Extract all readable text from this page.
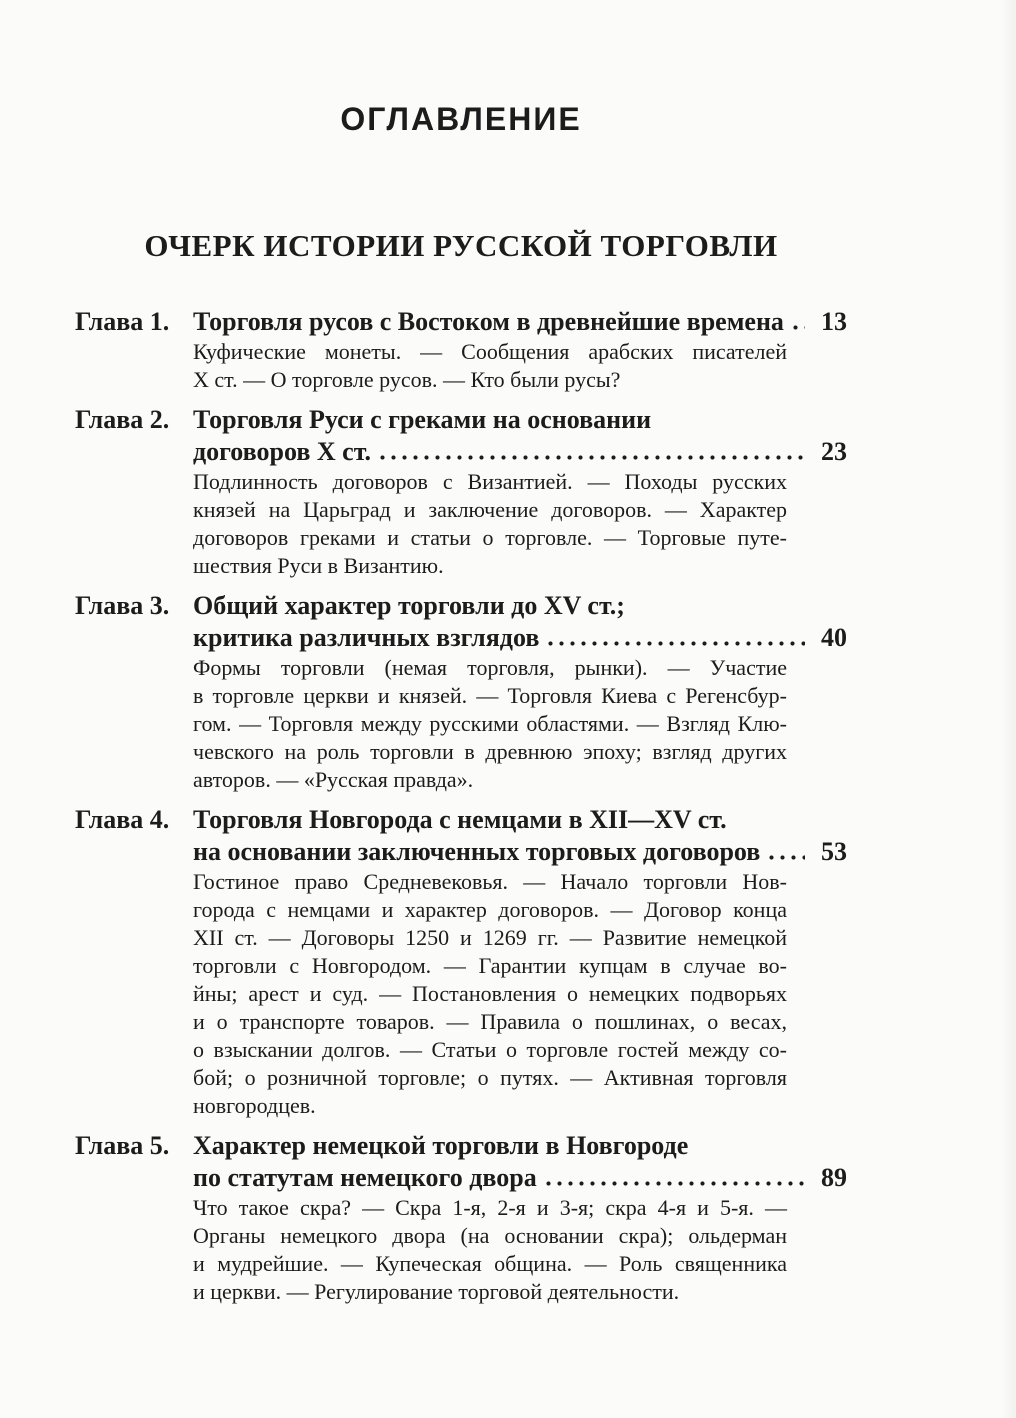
ОГЛАВЛЕНИЕ
ОЧЕРК ИСТОРИИ РУССКОЙ ТОРГОВЛИ
Глава 1. Торговля русов с Востоком в древнейшие времена	13
Куфические монеты. — Сообщения арабских писателей
Х ст. — О торговле русов. — Кто были русы?
Глава 2. Торговля Руси с греками на основании
договоров Х ст.	23
Подлинность договоров с Византией. — Походы русских
князей на Царьград и заключение договоров. — Характер
договоров греками и статьи о торговле. — Торговые путе-
шествия Руси в Византию.
Глава 3. Общий характер торговли до XV ст.;
критика различных взглядов	40
Формы торговли (немая торговля, рынки). — Участие
в торговле церкви и князей. — Торговля Киева с Регенсбур-
гом. — Торговля между русскими областями. — Взгляд Клю-
чевского на роль торговли в древнюю эпоху; взгляд других
авторов. — «Русская правда».
Глава 4. Торговля Новгорода с немцами в XII—XV ст.
на основании заключенных торговых договоров	53
Гостиное право Средневековья. — Начало торговли Нов-
города с немцами и характер договоров. — Договор конца
XII ст. — Договоры 1250 и 1269 гг. — Развитие немецкой
торговли с Новгородом. — Гарантии купцам в случае во-
йны; арест и суд. — Постановления о немецких подворьях
и о транспорте товаров. — Правила о пошлинах, о весах,
о взыскании долгов. — Статьи о торговле гостей между со-
бой; о розничной торговле; о путях. — Активная торговля
новгородцев.
Глава 5. Характер немецкой торговли в Новгороде
по статутам немецкого двора	89
Что такое скра? — Скра 1-я, 2-я и 3-я; скра 4-я и 5-я. —
Органы немецкого двора (на основании скра); ольдерман
и мудрейшие. — Купеческая община. — Роль священника
и церкви. — Регулирование торговой деятельности.
